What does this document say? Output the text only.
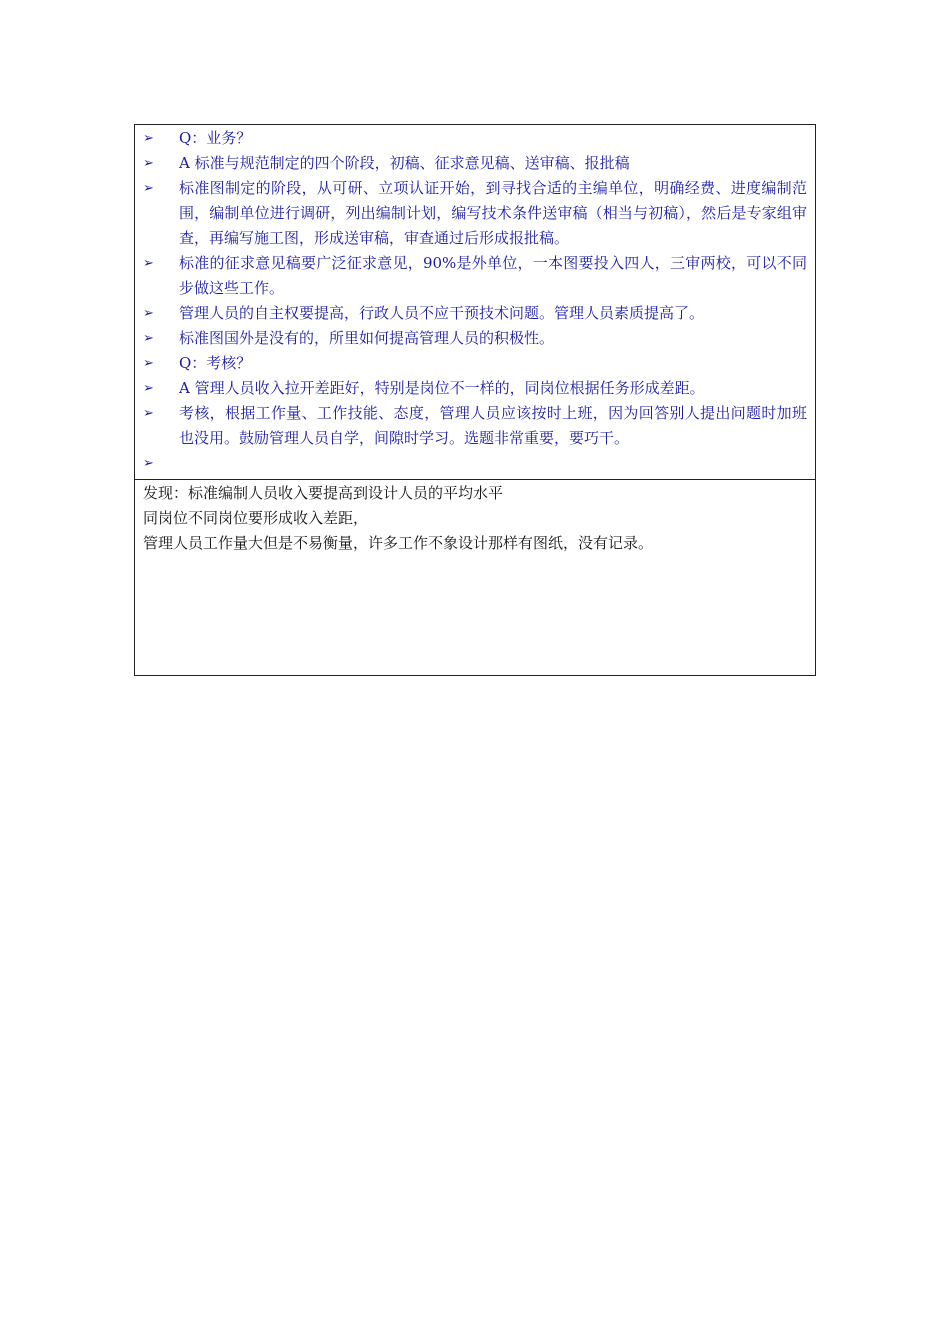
➢ Q：业务？
➢ A 标准与规范制定的四个阶段，初稿、征求意见稿、送审稿、报批稿
➢ 标准图制定的阶段，从可研、立项认证开始，到寻找合适的主编单位，明确经费、进度编制范围，编制单位进行调研，列出编制计划，编写技术条件送审稿（相当与初稿），然后是专家组审查，再编写施工图，形成送审稿，审查通过后形成报批稿。
➢ 标准的征求意见稿要广泛征求意见，90%是外单位，一本图要投入四人，三审两校，可以不同步做这些工作。
➢ 管理人员的自主权要提高，行政人员不应干预技术问题。管理人员素质提高了。
➢ 标准图国外是没有的，所里如何提高管理人员的积极性。
➢ Q：考核？
➢ A 管理人员收入拉开差距好，特别是岗位不一样的，同岗位根据任务形成差距。
➢ 考核，根据工作量、工作技能、态度，管理人员应该按时上班，因为回答别人提出问题时加班也没用。鼓励管理人员自学，间隙时学习。选题非常重要，要巧干。
➢
发现：标准编制人员收入要提高到设计人员的平均水平
同岗位不同岗位要形成收入差距，
管理人员工作量大但是不易衡量，许多工作不象设计那样有图纸，没有记录。
